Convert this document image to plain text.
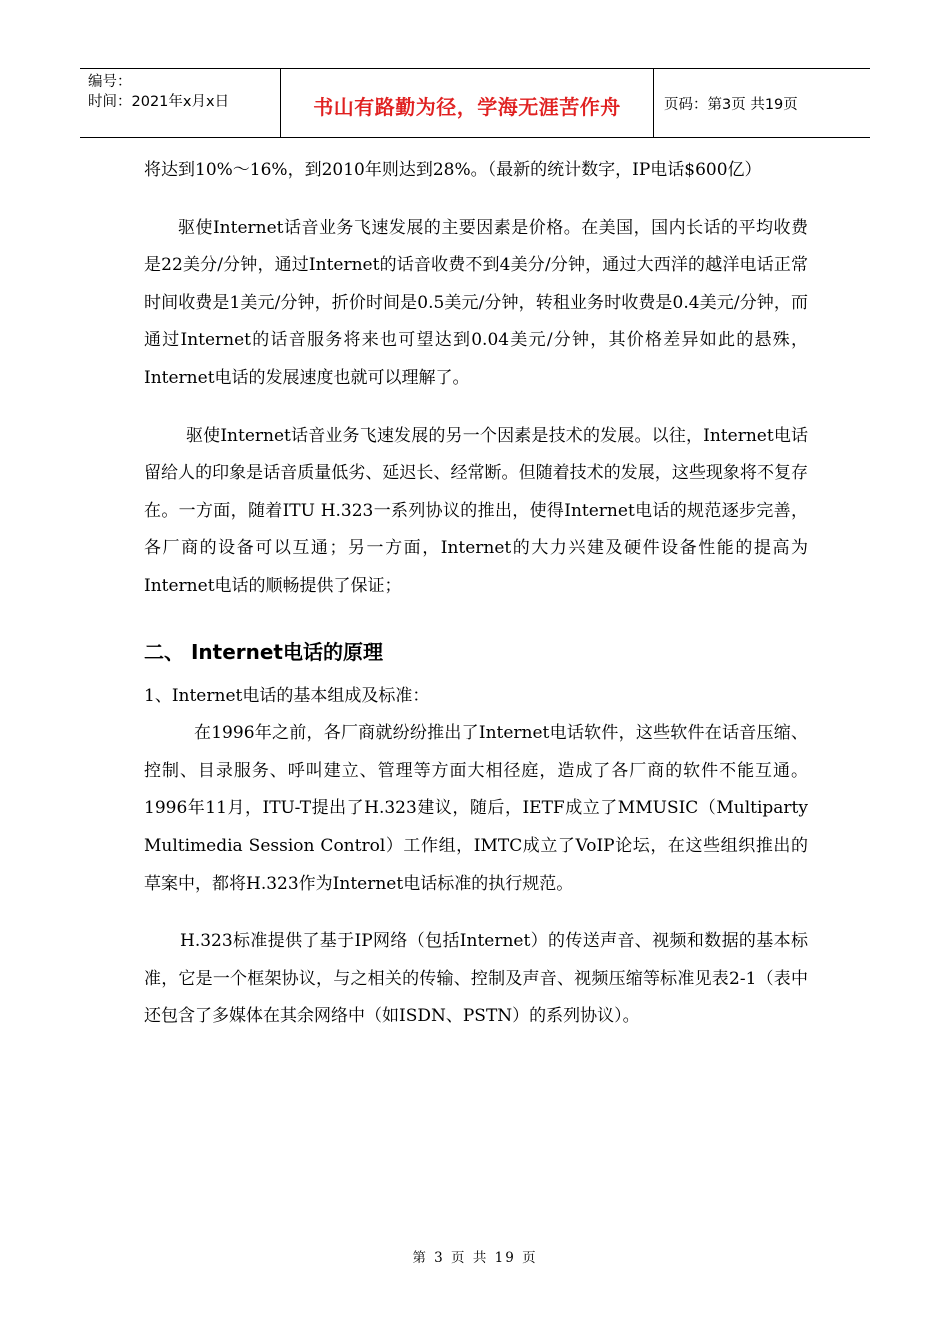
编号：
时间：2021年x月x日	书山有路勤为径，学海无涯苦作舟	页码：第3页 共19页

将达到10%～16%，到2010年则达到28%。（最新的统计数字，IP电话$600亿）

驱使Internet话音业务飞速发展的主要因素是价格。在美国，国内长话的平均收费是22美分/分钟，通过Internet的话音收费不到4美分/分钟，通过大西洋的越洋电话正常时间收费是1美元/分钟，折价时间是0.5美元/分钟，转租业务时收费是0.4美元/分钟，而通过Internet的话音服务将来也可望达到0.04美元/分钟，其价格差异如此的悬殊，Internet电话的发展速度也就可以理解了。

驱使Internet话音业务飞速发展的另一个因素是技术的发展。以往，Internet电话留给人的印象是话音质量低劣、延迟长、经常断。但随着技术的发展，这些现象将不复存在。一方面，随着ITU H.323一系列协议的推出，使得Internet电话的规范逐步完善，各厂商的设备可以互通；另一方面，Internet的大力兴建及硬件设备性能的提高为Internet电话的顺畅提供了保证；

二、 Internet电话的原理

1、Internet电话的基本组成及标准：

在1996年之前，各厂商就纷纷推出了Internet电话软件，这些软件在话音压缩、控制、目录服务、呼叫建立、管理等方面大相径庭，造成了各厂商的软件不能互通。1996年11月，ITU-T提出了H.323建议，随后，IETF成立了MMUSIC（Multiparty Multimedia Session Control）工作组，IMTC成立了VoIP论坛，在这些组织推出的草案中，都将H.323作为Internet电话标准的执行规范。

H.323标准提供了基于IP网络（包括Internet）的传送声音、视频和数据的基本标准，它是一个框架协议，与之相关的传输、控制及声音、视频压缩等标准见表2-1（表中还包含了多媒体在其余网络中（如ISDN、PSTN）的系列协议）。

第 3 页 共 19 页
